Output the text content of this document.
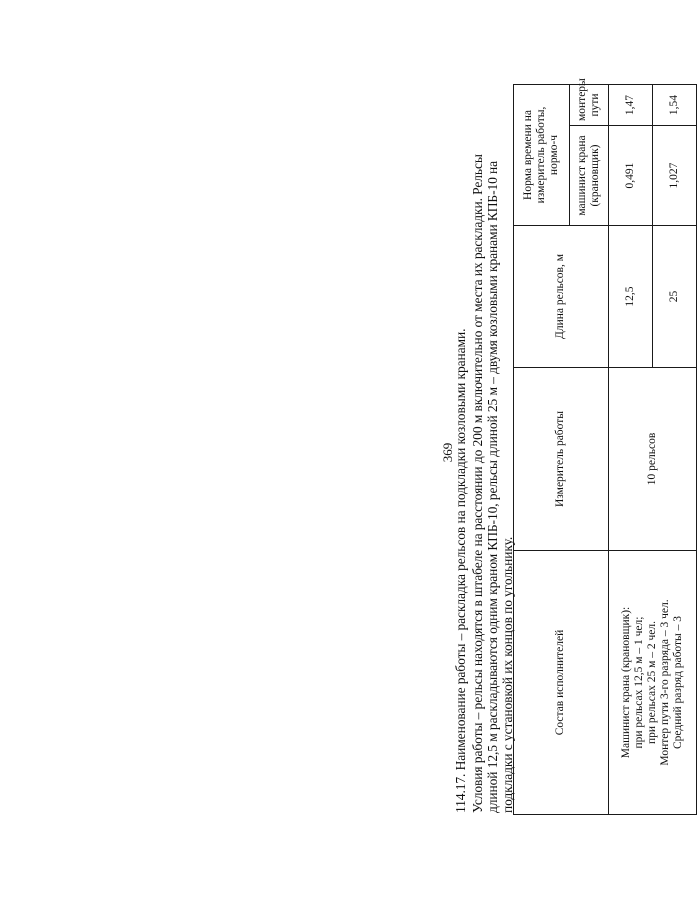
369
114.17. Наименование работы – раскладка рельсов на подкладки козловыми кранами. Условия работы – рельсы находятся в штабеле на расстоянии до 200 м включительно от места их раскладки. Рельсы длиной 12,5 м раскладываются одним краном КПБ-10, рельсы длиной 25 м – двумя козловыми кранами КПБ-10 на подкладки с установкой их концов по угольнику.	Состав исполнителей	Измеритель работы	Длина рельсов, м	Норма времени на измеритель работы, нормо-ч	
			машинист крана (крановщик)	монтеры пути

Машинист крана (крановщик): при рельсах 12,5 м – 1 чел; при рельсах 25 м – 2 чел. Монтер пути 3-го разряда – 3 чел. Средний разряд работы – 3	10 рельсов	12,5	0,491	1,47
		25	1,027	1,54
